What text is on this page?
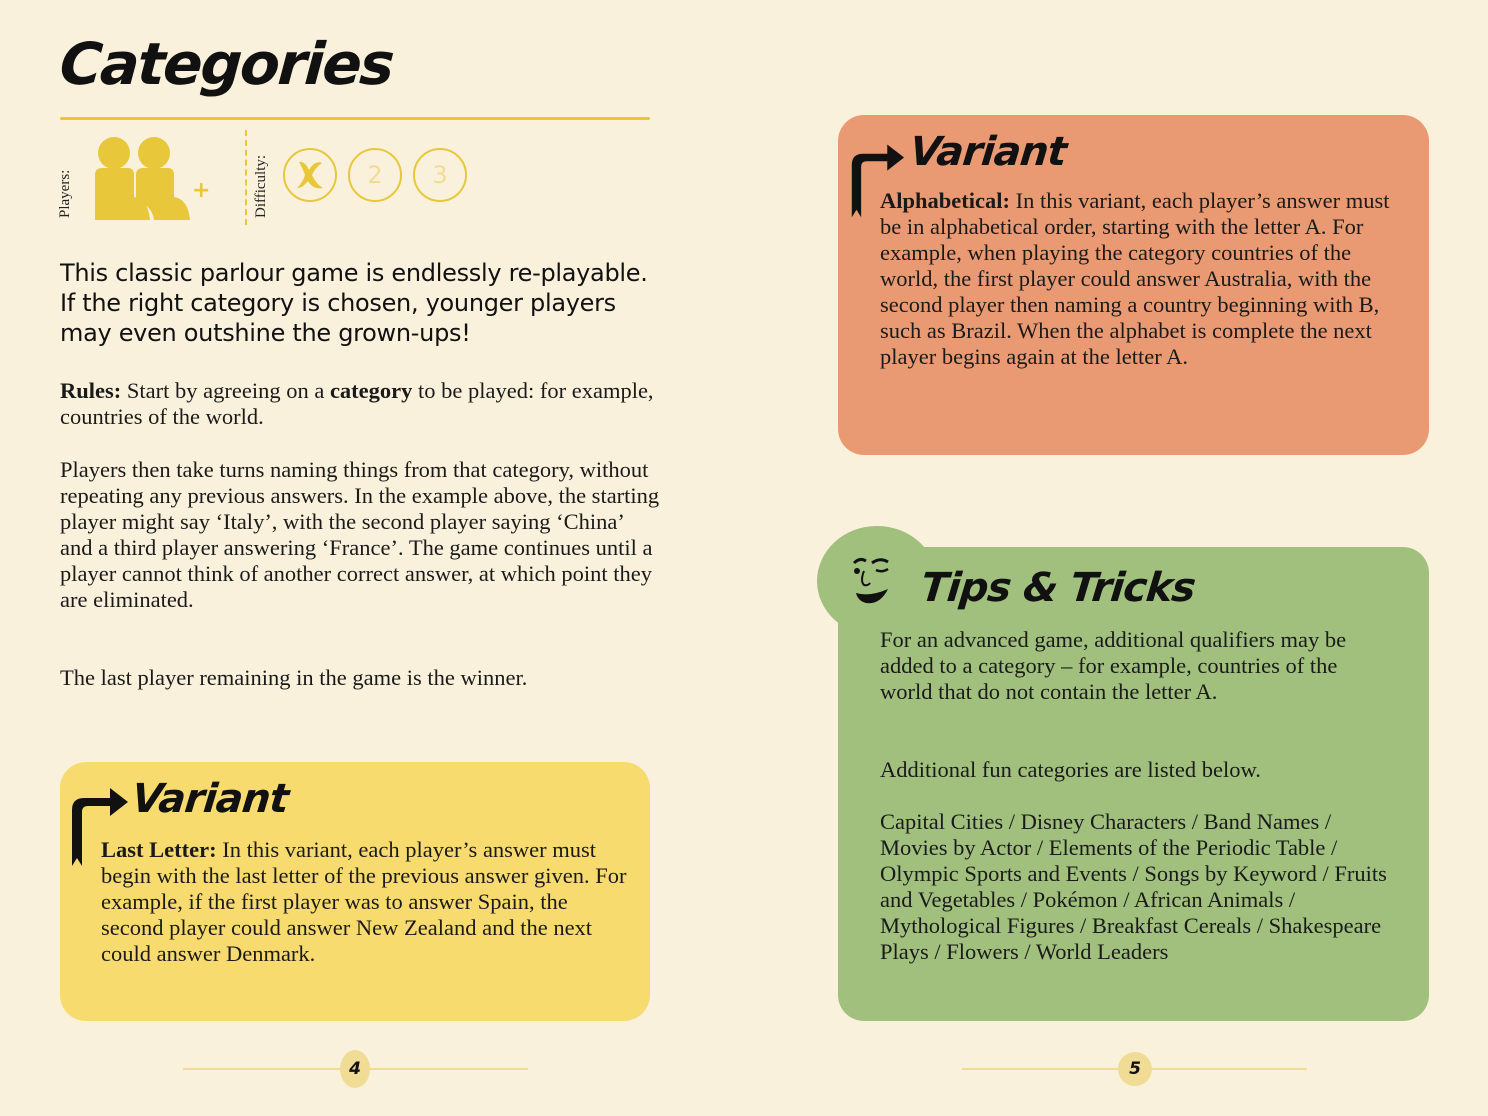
Categories
Players:	+	Difficulty:	2	3

This classic parlour game is endlessly re-playable. If the right category is chosen, younger players may even outshine the grown-ups!

Rules: Start by agreeing on a category to be played: for example, countries of the world.

Players then take turns naming things from that category, without repeating any previous answers. In the example above, the starting player might say ‘Italy’, with the second player saying ‘China’ and a third player answering ‘France’. The game continues until a player cannot think of another correct answer, at which point they are eliminated.

The last player remaining in the game is the winner.

Variant

Last Letter: In this variant, each player’s answer must begin with the last letter of the previous answer given. For example, if the first player was to answer Spain, the second player could answer New Zealand and the next could answer Denmark.

4
Variant

Alphabetical: In this variant, each player’s answer must be in alphabetical order, starting with the letter A. For example, when playing the category countries of the world, the first player could answer Australia, with the second player then naming a country beginning with B, such as Brazil. When the alphabet is complete the next player begins again at the letter A.

Tips & Tricks

For an advanced game, additional qualifiers may be added to a category – for example, countries of the world that do not contain the letter A.

Additional fun categories are listed below.

Capital Cities / Disney Characters / Band Names / Movies by Actor / Elements of the Periodic Table / Olympic Sports and Events / Songs by Keyword / Fruits and Vegetables / Pokémon / African Animals / Mythological Figures / Breakfast Cereals / Shakespeare Plays / Flowers / World Leaders

5
